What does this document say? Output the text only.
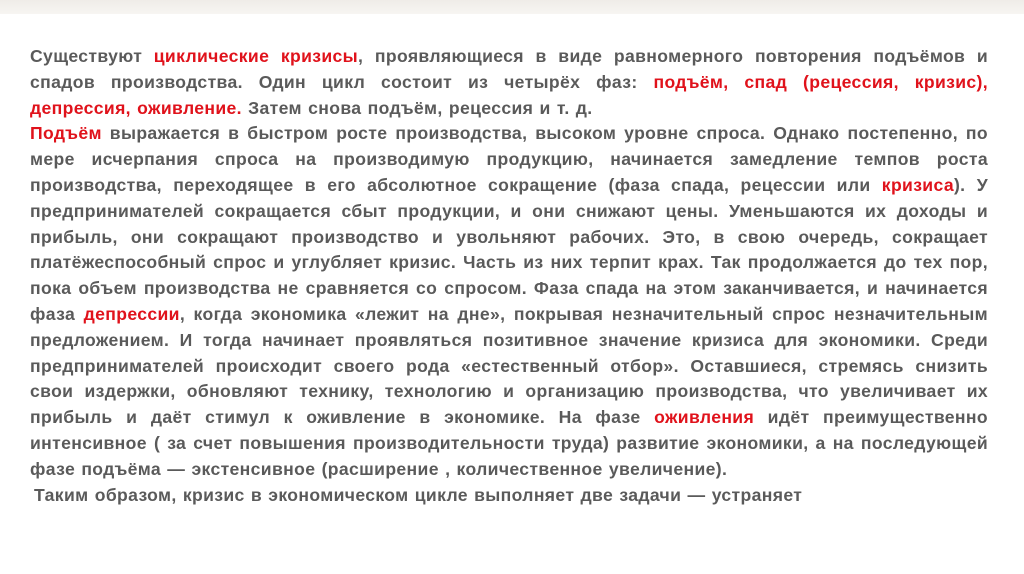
Существуют циклические кризисы, проявляющиеся в виде равномерного повторения подъёмов и спадов производства. Один цикл состоит из четырёх фаз: подъём, спад (рецессия, кризис), депрессия, оживление. Затем снова подъём, рецессия и т. д.

Подъём выражается в быстром росте производства, высоком уровне спроса. Однако постепенно, по мере исчерпания спроса на производимую продукцию, начинается замедление темпов роста производства, переходящее в его абсолютное сокращение (фаза спада, рецессии или кризиса). У предпринимателей сокращается сбыт продукции, и они снижают цены. Уменьшаются их доходы и прибыль, они сокращают производство и увольняют рабочих. Это, в свою очередь, сокращает платёжеспособный спрос и углубляет кризис. Часть из них терпит крах. Так продолжается до тех пор, пока объем производства не сравняется со спросом. Фаза спада на этом заканчивается, и начинается фаза депрессии, когда экономика «лежит на дне», покрывая незначительный спрос незначительным предложением. И тогда начинает проявляться позитивное значение кризиса для экономики. Среди предпринимателей происходит своего рода «естественный отбор». Оставшиеся, стремясь снизить свои издержки, обновляют технику, технологию и организацию производства, что увеличивает их прибыль и даёт стимул к оживление в экономике. На фазе оживления идёт преимущественно интенсивное ( за счет повышения производительности труда) развитие экономики, а на последующей фазе подъёма — экстенсивное (расширение , количественное увеличение).

Таким образом, кризис в экономическом цикле выполняет две задачи — устраняет
